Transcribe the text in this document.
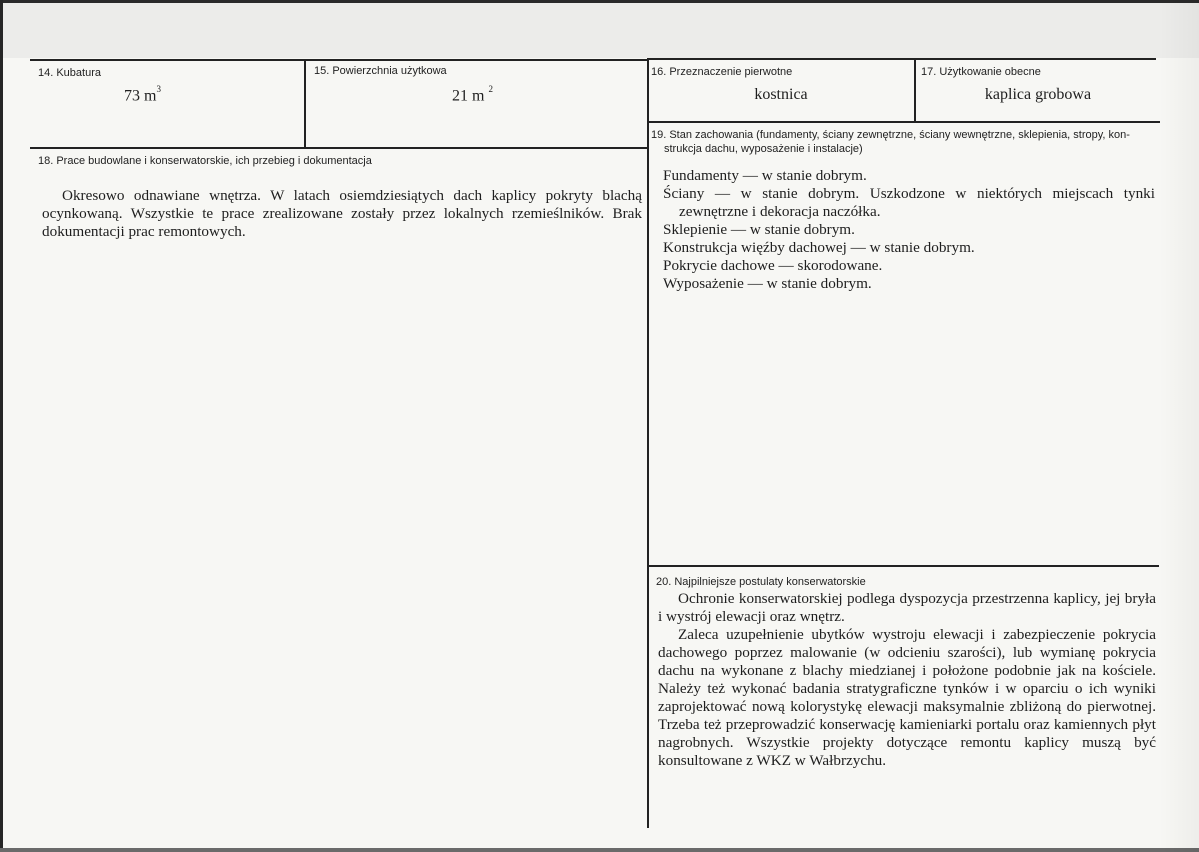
14. Kubatura
73 $m^3$
15. Powierzchnia użytkowa
21 m $^2$
16. Przeznaczenie pierwotne
kostnica
17. Użytkowanie obecne
kaplica grobowa
18. Prace budowlane i konserwatorskie, ich przebieg i dokumentacja

Okresowo odnawiane wnętrza. W latach osiemdziesiątych dach kaplicy pokryty blachą ocynkowaną. Wszystkie te prace zrealizowane zostały przez lokalnych rzemieślników. Brak dokumentacji prac remontowych.

19. Stan zachowania (fundamenty, ściany zewnętrzne, ściany wewnętrzne, sklepienia, stropy, kon-
strukcja dachu, wyposażenie i instalacje)

Fundamenty — w stanie dobrym.

Ściany — w stanie dobrym. Uszkodzone w niektórych miejscach tynki zewnętrzne i dekoracja naczółka.

Sklepienie — w stanie dobrym.

Konstrukcja więźby dachowej — w stanie dobrym.

Pokrycie dachowe — skorodowane.

Wyposażenie — w stanie dobrym.

20. Najpilniejsze postulaty konserwatorskie

Ochronie konserwatorskiej podlega dyspozycja przestrzenna kaplicy, jej bryła i wystrój elewacji oraz wnętrz.

Zaleca uzupełnienie ubytków wystroju elewacji i zabezpieczenie pokrycia dachowego poprzez malowanie (w odcieniu szarości), lub wymianę pokrycia dachu na wykonane z blachy miedzianej i położone podobnie jak na kościele. Należy też wykonać badania stratygraficzne tynków i w oparciu o ich wyniki zaprojektować nową kolorystykę elewacji maksymalnie zbliżoną do pierwotnej. Trzeba też przeprowadzić konserwację kamieniarki portalu oraz kamiennych płyt nagrobnych. Wszystkie projekty dotyczące remontu kaplicy muszą być konsultowane z WKZ w Wałbrzychu.
